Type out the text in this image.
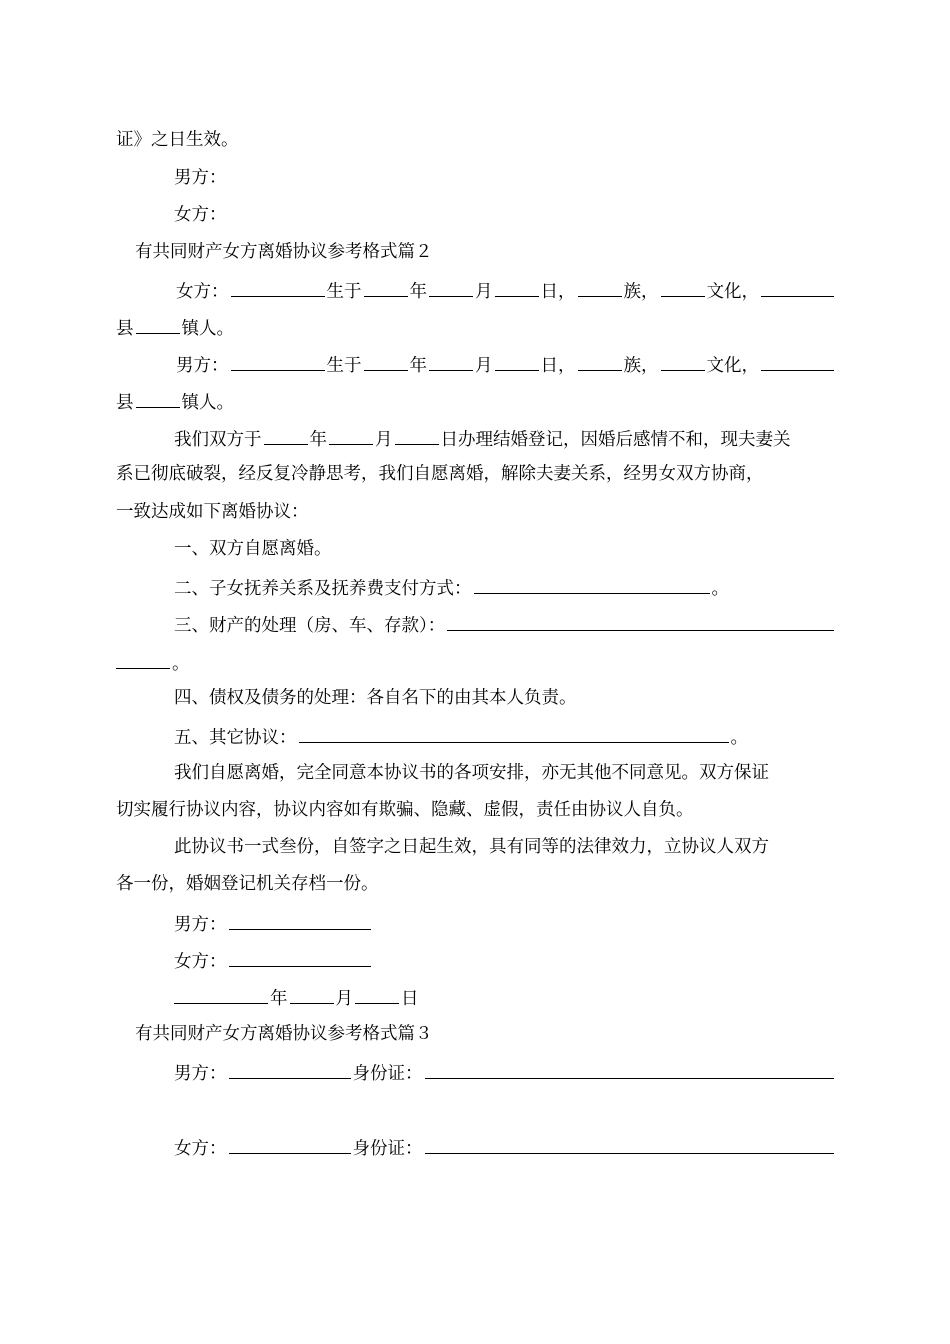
证》之日生效。
男方：
女方：
有共同财产女方离婚协议参考格式篇２
女方：	生于	年	月	日，	族，	文化，
县	镇人。
男方：	生于	年	月	日，	族，	文化，
县	镇人。
我们双方于	年	月	日办理结婚登记，因婚后感情不和，现夫妻关
系已彻底破裂，经反复冷静思考，我们自愿离婚，解除夫妻关系，经男女双方协商，
一致达成如下离婚协议：
一、双方自愿离婚。
二、子女抚养关系及抚养费支付方式：	。
三、财产的处理（房、车、存款）：
。
四、债权及债务的处理：各自名下的由其本人负责。
五、其它协议：	。
我们自愿离婚，完全同意本协议书的各项安排，亦无其他不同意见。双方保证
切实履行协议内容，协议内容如有欺骗、隐藏、虚假，责任由协议人自负。
此协议书一式叁份，自签字之日起生效，具有同等的法律效力，立协议人双方
各一份，婚姻登记机关存档一份。
男方：
女方：
年	月	日
有共同财产女方离婚协议参考格式篇３
男方：	身份证：
女方：	身份证：
